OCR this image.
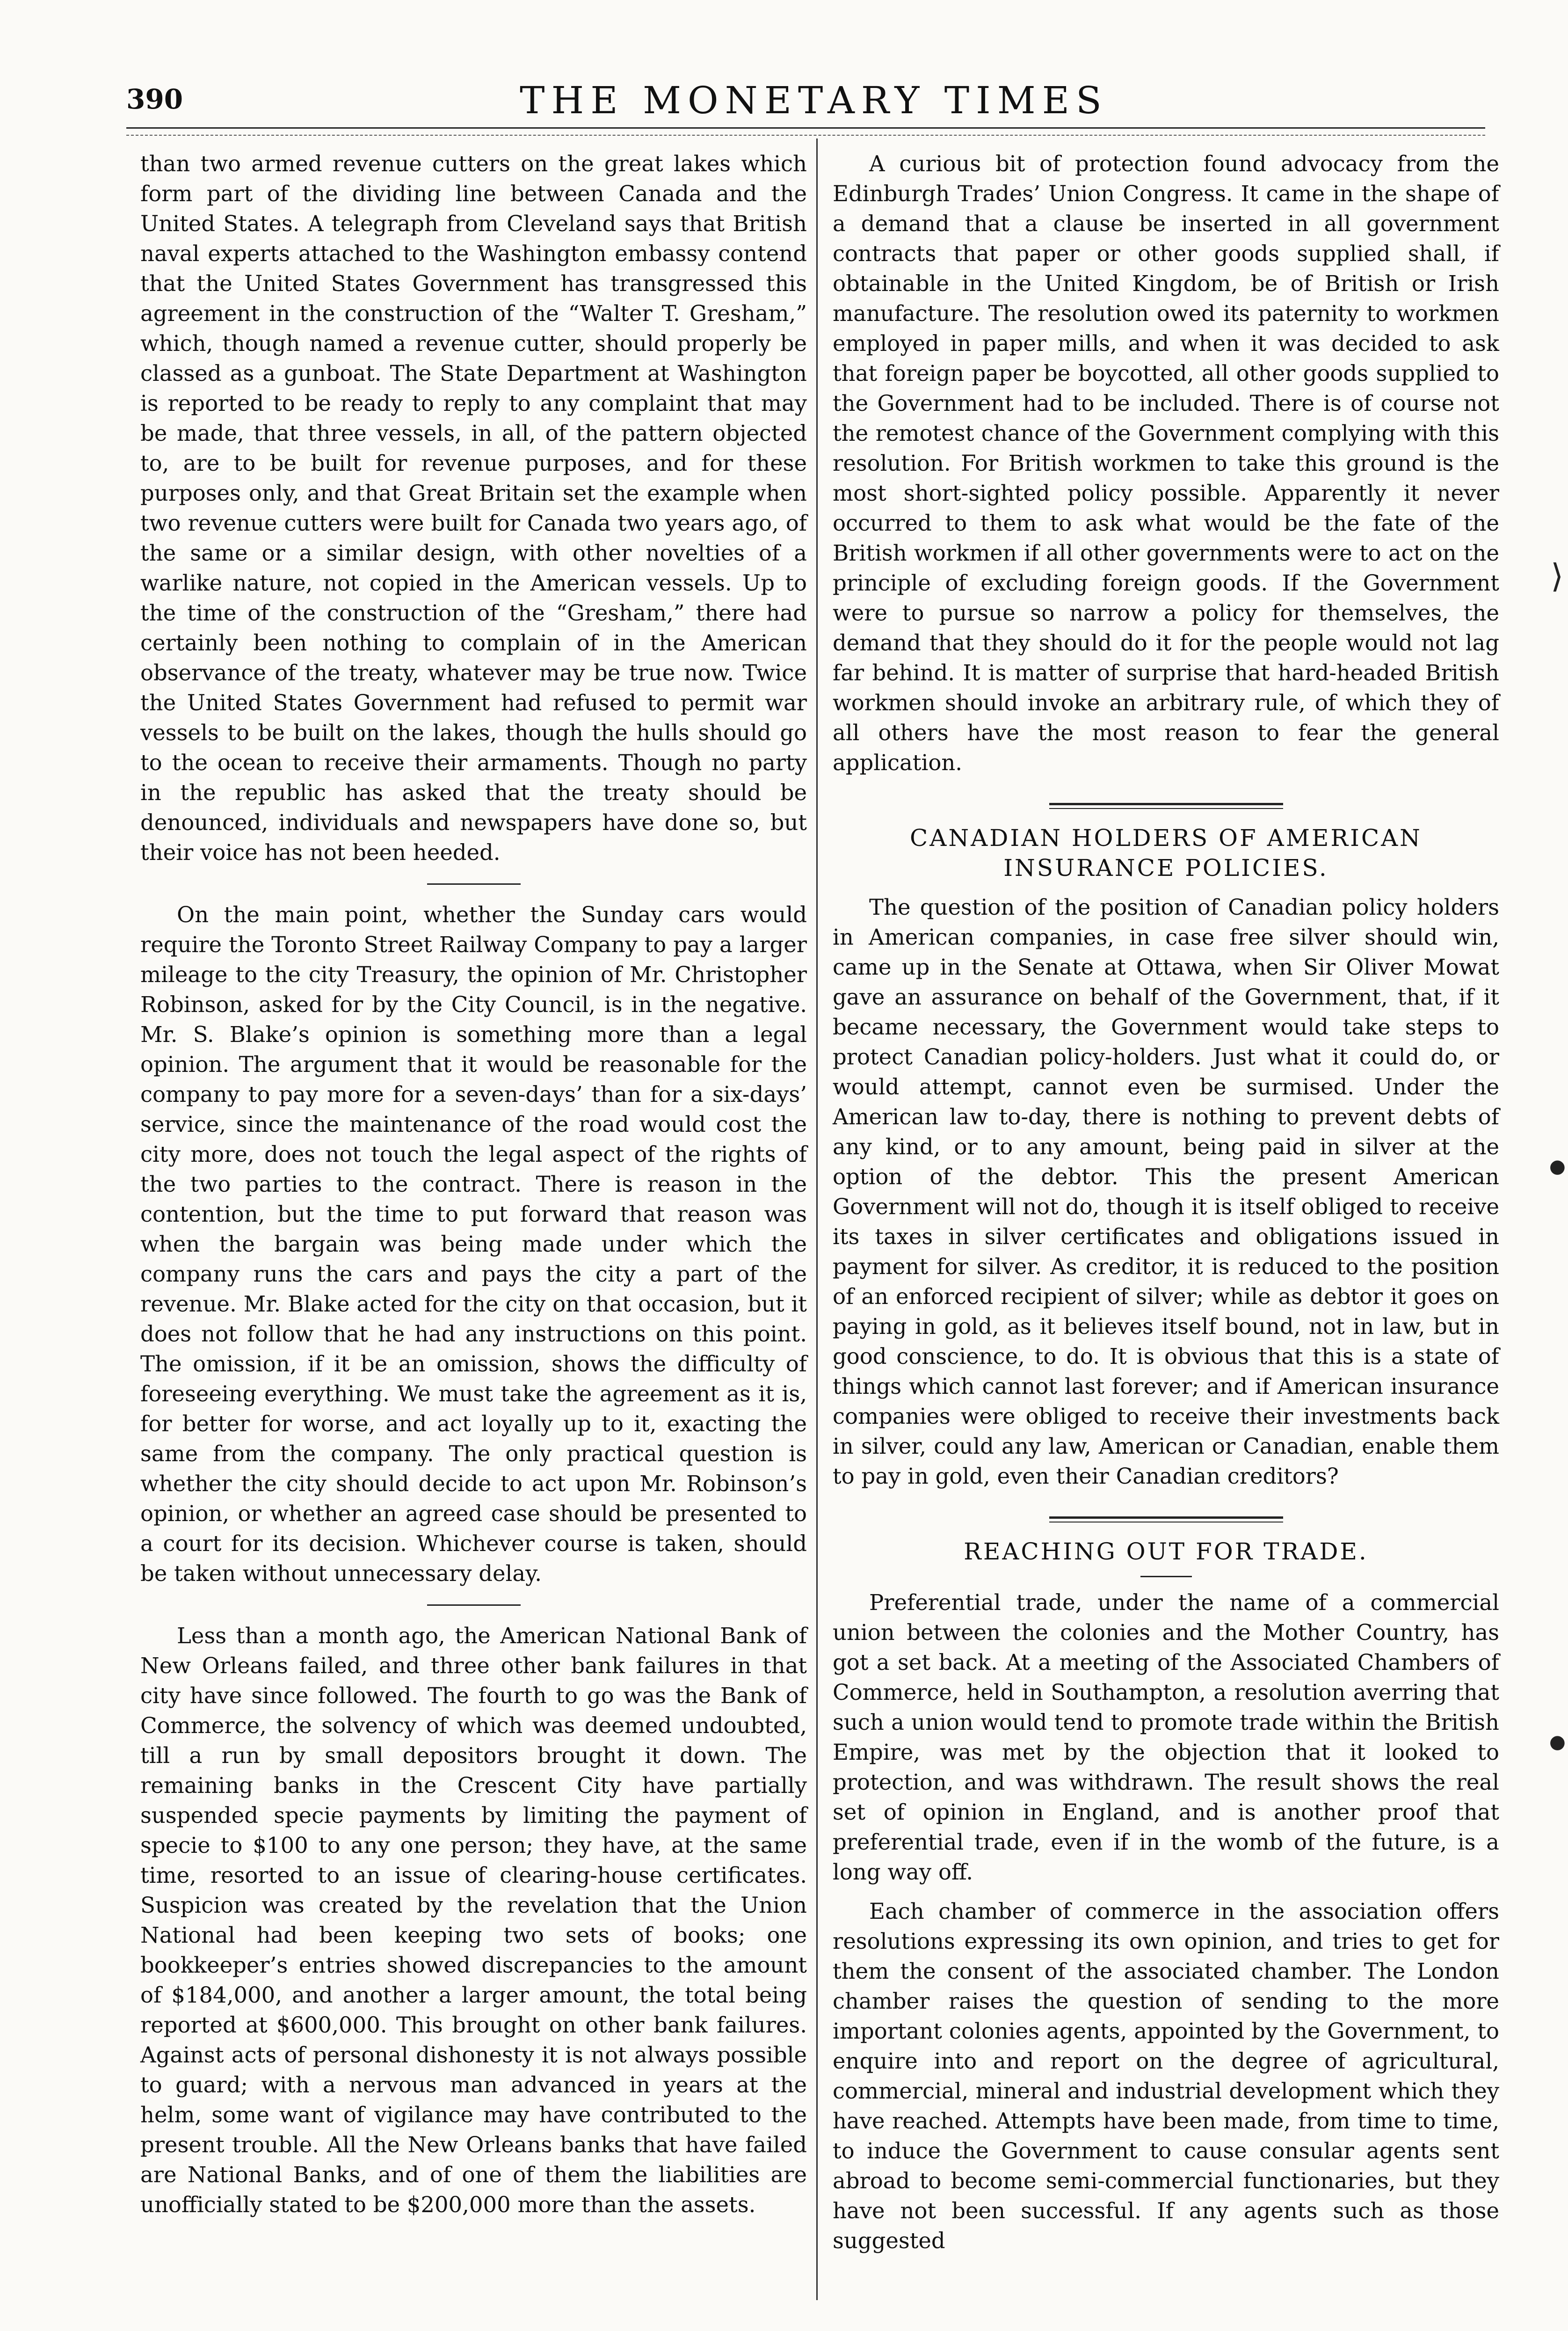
390	THE MONETARY TIMES

than two armed revenue cutters on the great lakes which form part of the dividing line between Canada and the United States. A telegraph from Cleveland says that British naval experts attached to the Washington embassy contend that the United States Government has transgressed this agreement in the construction of the “Walter T. Gresham,” which, though named a revenue cutter, should properly be classed as a gunboat. The State Department at Washington is reported to be ready to reply to any complaint that may be made, that three vessels, in all, of the pattern objected to, are to be built for revenue purposes, and for these purposes only, and that Great Britain set the example when two revenue cutters were built for Canada two years ago, of the same or a similar design, with other novelties of a warlike nature, not copied in the American vessels. Up to the time of the construction of the “Gresham,” there had certainly been nothing to complain of in the American observance of the treaty, whatever may be true now. Twice the United States Government had refused to permit war vessels to be built on the lakes, though the hulls should go to the ocean to receive their armaments. Though no party in the republic has asked that the treaty should be denounced, individuals and newspapers have done so, but their voice has not been heeded.

On the main point, whether the Sunday cars would require the Toronto Street Railway Company to pay a larger mileage to the city Treasury, the opinion of Mr. Christopher Robinson, asked for by the City Council, is in the negative. Mr. S. Blake’s opinion is something more than a legal opinion. The argument that it would be reasonable for the company to pay more for a seven-days’ than for a six-days’ service, since the maintenance of the road would cost the city more, does not touch the legal aspect of the rights of the two parties to the contract. There is reason in the contention, but the time to put forward that reason was when the bargain was being made under which the company runs the cars and pays the city a part of the revenue. Mr. Blake acted for the city on that occasion, but it does not follow that he had any instructions on this point. The omission, if it be an omission, shows the difficulty of foreseeing everything. We must take the agreement as it is, for better for worse, and act loyally up to it, exacting the same from the company. The only practical question is whether the city should decide to act upon Mr. Robinson’s opinion, or whether an agreed case should be presented to a court for its decision. Whichever course is taken, should be taken without unnecessary delay.

Less than a month ago, the American National Bank of New Orleans failed, and three other bank failures in that city have since followed. The fourth to go was the Bank of Commerce, the solvency of which was deemed undoubted, till a run by small depositors brought it down. The remaining banks in the Crescent City have partially suspended specie payments by limiting the payment of specie to $100 to any one person; they have, at the same time, resorted to an issue of clearing-house certificates. Suspicion was created by the revelation that the Union National had been keeping two sets of books; one bookkeeper’s entries showed discrepancies to the amount of $184,000, and another a larger amount, the total being reported at $600,000. This brought on other bank failures. Against acts of personal dishonesty it is not always possible to guard; with a nervous man advanced in years at the helm, some want of vigilance may have contributed to the present trouble. All the New Orleans banks that have failed are National Banks, and of one of them the liabilities are unofficially stated to be $200,000 more than the assets.

A curious bit of protection found advocacy from the Edinburgh Trades’ Union Congress. It came in the shape of a demand that a clause be inserted in all government contracts that paper or other goods supplied shall, if obtainable in the United Kingdom, be of British or Irish manufacture. The resolution owed its paternity to workmen employed in paper mills, and when it was decided to ask that foreign paper be boycotted, all other goods supplied to the Government had to be included. There is of course not the remotest chance of the Government complying with this resolution. For British workmen to take this ground is the most short-sighted policy possible. Apparently it never occurred to them to ask what would be the fate of the British workmen if all other governments were to act on the principle of excluding foreign goods. If the Government were to pursue so narrow a policy for themselves, the demand that they should do it for the people would not lag far behind. It is matter of surprise that hard-headed British workmen should invoke an arbitrary rule, of which they of all others have the most reason to fear the general application.

CANADIAN HOLDERS OF AMERICAN INSURANCE POLICIES.

The question of the position of Canadian policy holders in American companies, in case free silver should win, came up in the Senate at Ottawa, when Sir Oliver Mowat gave an assurance on behalf of the Government, that, if it became necessary, the Government would take steps to protect Canadian policy-holders. Just what it could do, or would attempt, cannot even be surmised. Under the American law to-day, there is nothing to prevent debts of any kind, or to any amount, being paid in silver at the option of the debtor. This the present American Government will not do, though it is itself obliged to receive its taxes in silver certificates and obligations issued in payment for silver. As creditor, it is reduced to the position of an enforced recipient of silver; while as debtor it goes on paying in gold, as it believes itself bound, not in law, but in good conscience, to do. It is obvious that this is a state of things which cannot last forever; and if American insurance companies were obliged to receive their investments back in silver, could any law, American or Canadian, enable them to pay in gold, even their Canadian creditors?

REACHING OUT FOR TRADE.

Preferential trade, under the name of a commercial union between the colonies and the Mother Country, has got a set back. At a meeting of the Associated Chambers of Commerce, held in Southampton, a resolution averring that such a union would tend to promote trade within the British Empire, was met by the objection that it looked to protection, and was withdrawn. The result shows the real set of opinion in England, and is another proof that preferential trade, even if in the womb of the future, is a long way off.

Each chamber of commerce in the association offers resolutions expressing its own opinion, and tries to get for them the consent of the associated chamber. The London chamber raises the question of sending to the more important colonies agents, appointed by the Government, to enquire into and report on the degree of agricultural, commercial, mineral and industrial development which they have reached. Attempts have been made, from time to time, to induce the Government to cause consular agents sent abroad to become semi-commercial functionaries, but they have not been successful. If any agents such as those suggested

⟩
●
●
